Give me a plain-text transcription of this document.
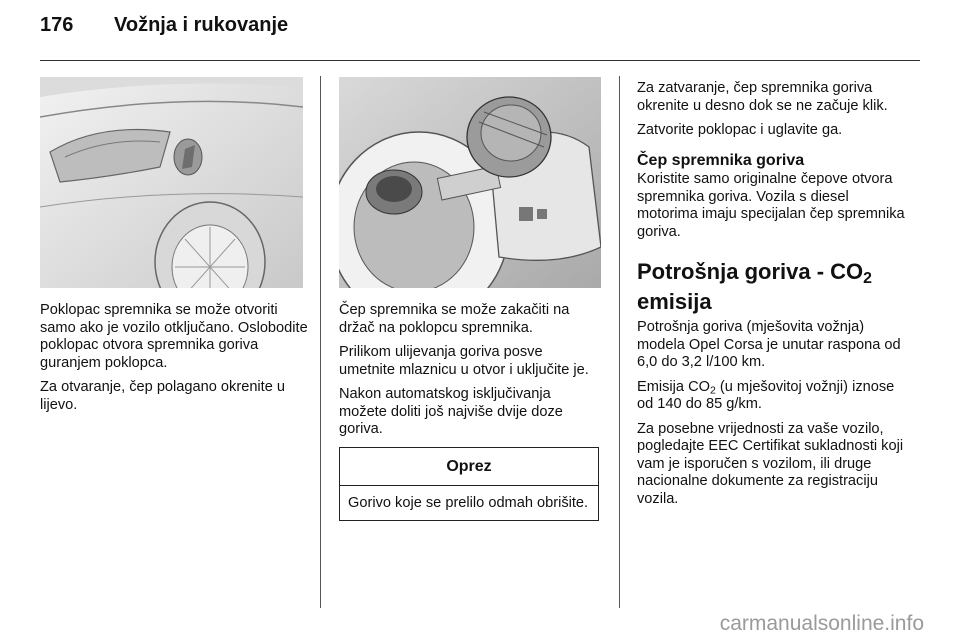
176 Vožnja i rukovanje

Poklopac spremnika se može otvoriti samo ako je vozilo otključano. Oslobodite poklopac otvora spremnika goriva guranjem poklopca.

Za otvaranje, čep polagano okrenite u lijevo.

Čep spremnika se može zakačiti na držač na poklopcu spremnika.

Prilikom ulijevanja goriva posve umetnite mlaznicu u otvor i uključite je.

Nakon automatskog isključivanja možete doliti još najviše dvije doze goriva.

Oprez
Gorivo koje se prelilo odmah obrišite.

Za zatvaranje, čep spremnika goriva okrenite u desno dok se ne začuje klik.

Zatvorite poklopac i uglavite ga.

Čep spremnika goriva

Koristite samo originalne čepove otvora spremnika goriva. Vozila s diesel motorima imaju specijalan čep spremnika goriva.

Potrošnja goriva - $CO_2$
emisija

Potrošnja goriva (mješovita vožnja) modela Opel Corsa je unutar raspona od 6,0 do 3,2 l/100 km.

Emisija $CO_2$ (u mješovitoj vožnji) iznose od 140 do 85 g/km.

Za posebne vrijednosti za vaše vozilo, pogledajte EEC Certifikat sukladnosti koji vam je isporučen s vozilom, ili druge nacionalne dokumente za registraciju vozila.

carmanualsonline.info
